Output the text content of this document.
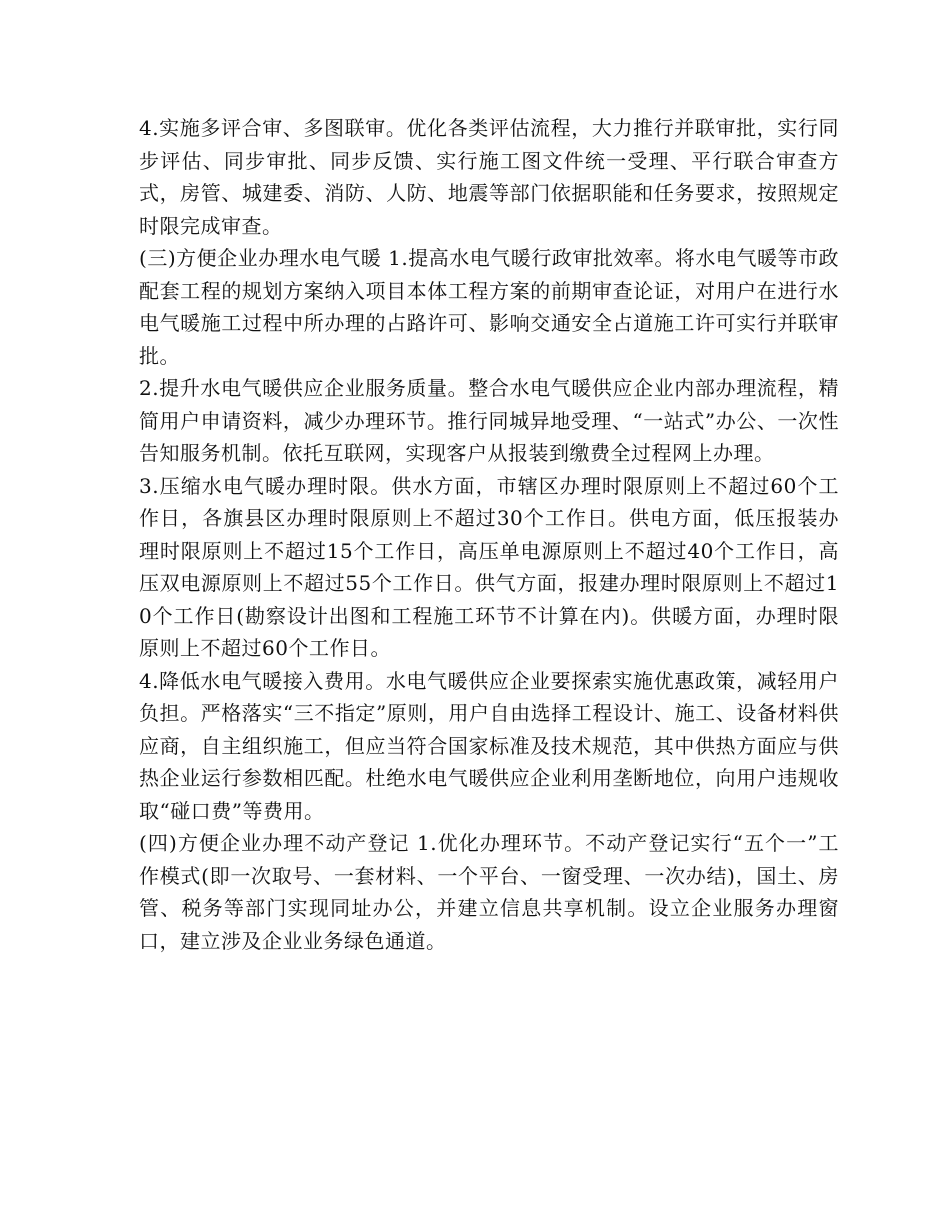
4.实施多评合审、多图联审。优化各类评估流程，大力推行并联审批，实行同步评估、同步审批、同步反馈、实行施工图文件统一受理、平行联合审查方式，房管、城建委、消防、人防、地震等部门依据职能和任务要求，按照规定时限完成审查。

(三)方便企业办理水电气暖 1.提高水电气暖行政审批效率。将水电气暖等市政配套工程的规划方案纳入项目本体工程方案的前期审查论证，对用户在进行水电气暖施工过程中所办理的占路许可、影响交通安全占道施工许可实行并联审批。

2.提升水电气暖供应企业服务质量。整合水电气暖供应企业内部办理流程，精简用户申请资料，减少办理环节。推行同城异地受理、“一站式”办公、一次性告知服务机制。依托互联网，实现客户从报装到缴费全过程网上办理。

3.压缩水电气暖办理时限。供水方面，市辖区办理时限原则上不超过60个工作日，各旗县区办理时限原则上不超过30个工作日。供电方面，低压报装办理时限原则上不超过15个工作日，高压单电源原则上不超过40个工作日，高压双电源原则上不超过55个工作日。供气方面，报建办理时限原则上不超过10个工作日(勘察设计出图和工程施工环节不计算在内)。供暖方面，办理时限原则上不超过60个工作日。

4.降低水电气暖接入费用。水电气暖供应企业要探索实施优惠政策，减轻用户负担。严格落实“三不指定”原则，用户自由选择工程设计、施工、设备材料供应商，自主组织施工，但应当符合国家标准及技术规范，其中供热方面应与供热企业运行参数相匹配。杜绝水电气暖供应企业利用垄断地位，向用户违规收取“碰口费”等费用。

(四)方便企业办理不动产登记 1.优化办理环节。不动产登记实行“五个一”工作模式(即一次取号、一套材料、一个平台、一窗受理、一次办结)，国土、房管、税务等部门实现同址办公，并建立信息共享机制。设立企业服务办理窗口，建立涉及企业业务绿色通道。
